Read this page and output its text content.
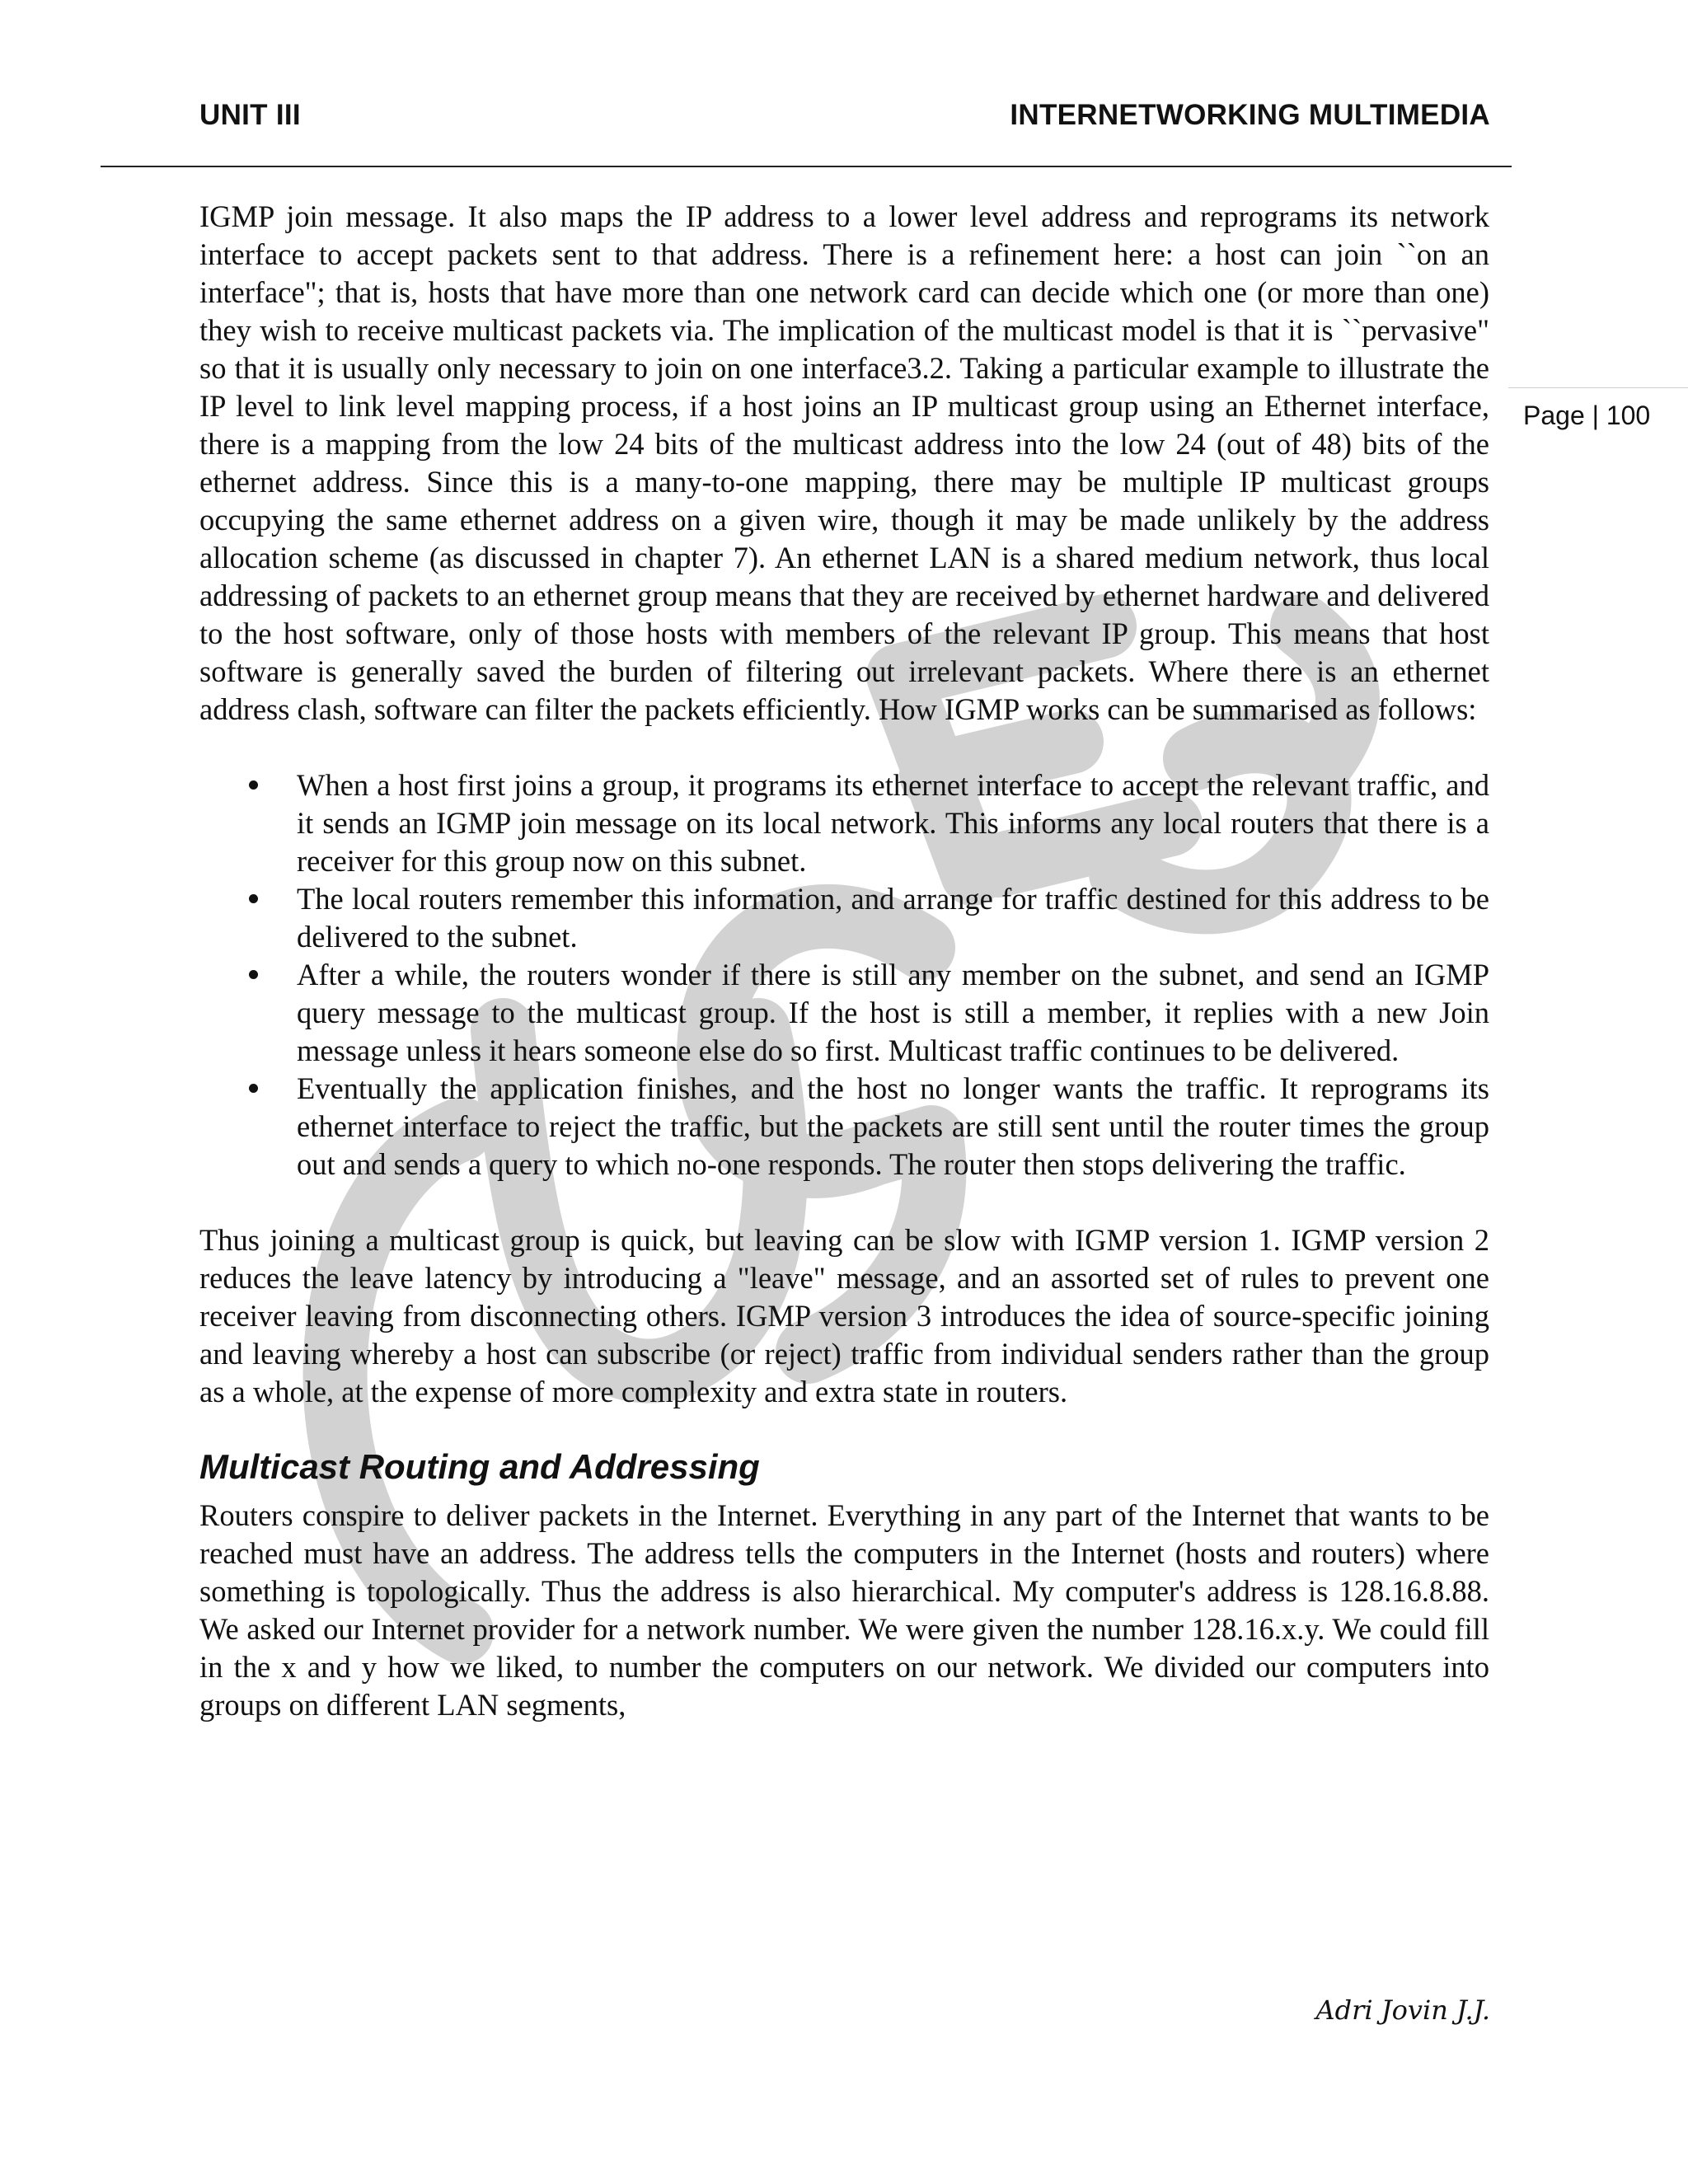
UNIT III	INTERNETWORKING MULTIMEDIA
Page | 100

IGMP join message. It also maps the IP address to a lower level address and reprograms its network interface to accept packets sent to that address. There is a refinement here: a host can join ``on an interface"; that is, hosts that have more than one network card can decide which one (or more than one) they wish to receive multicast packets via. The implication of the multicast model is that it is ``pervasive" so that it is usually only necessary to join on one interface3.2. Taking a particular example to illustrate the IP level to link level mapping process, if a host joins an IP multicast group using an Ethernet interface, there is a mapping from the low 24 bits of the multicast address into the low 24 (out of 48) bits of the ethernet address. Since this is a many-to-one mapping, there may be multiple IP multicast groups occupying the same ethernet address on a given wire, though it may be made unlikely by the address allocation scheme (as discussed in chapter 7). An ethernet LAN is a shared medium network, thus local addressing of packets to an ethernet group means that they are received by ethernet hardware and delivered to the host software, only of those hosts with members of the relevant IP group. This means that host software is generally saved the burden of filtering out irrelevant packets. Where there is an ethernet address clash, software can filter the packets efficiently. How IGMP works can be summarised as follows:

When a host first joins a group, it programs its ethernet interface to accept the relevant traffic, and it sends an IGMP join message on its local network. This informs any local routers that there is a receiver for this group now on this subnet.
The local routers remember this information, and arrange for traffic destined for this address to be delivered to the subnet.
After a while, the routers wonder if there is still any member on the subnet, and send an IGMP query message to the multicast group. If the host is still a member, it replies with a new Join message unless it hears someone else do so first. Multicast traffic continues to be delivered.
Eventually the application finishes, and the host no longer wants the traffic. It reprograms its ethernet interface to reject the traffic, but the packets are still sent until the router times the group out and sends a query to which no-one responds. The router then stops delivering the traffic.

Thus joining a multicast group is quick, but leaving can be slow with IGMP version 1. IGMP version 2 reduces the leave latency by introducing a "leave" message, and an assorted set of rules to prevent one receiver leaving from disconnecting others. IGMP version 3 introduces the idea of source-specific joining and leaving whereby a host can subscribe (or reject) traffic from individual senders rather than the group as a whole, at the expense of more complexity and extra state in routers.

Multicast Routing and Addressing

Routers conspire to deliver packets in the Internet. Everything in any part of the Internet that wants to be reached must have an address. The address tells the computers in the Internet (hosts and routers) where something is topologically. Thus the address is also hierarchical. My computer's address is 128.16.8.88. We asked our Internet provider for a network number. We were given the number 128.16.x.y. We could fill in the x and y how we liked, to number the computers on our network. We divided our computers into groups on different LAN segments,

Adri Jovin J.J.
